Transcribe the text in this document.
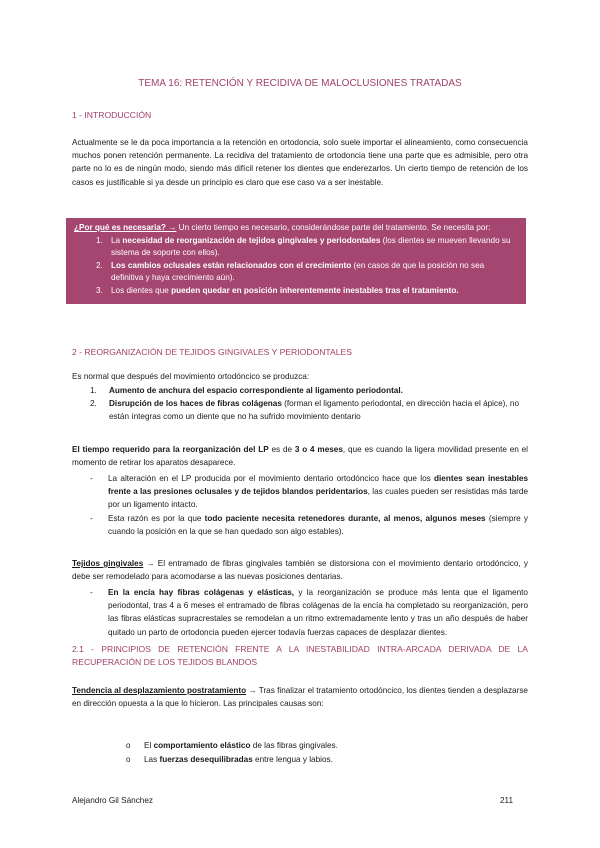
TEMA 16: RETENCIÓN Y RECIDIVA DE MALOCLUSIONES TRATADAS
1 - INTRODUCCIÓN

Actualmente se le da poca importancia a la retención en ortodoncia, solo suele importar el alineamiento, como consecuencia muchos ponen retención permanente. La recidiva del tratamiento de ortodoncia tiene una parte que es admisible, pero otra parte no lo es de ningún modo, siendo más difícil retener los dientes que enderezarlos. Un cierto tiempo de retención de los casos es justificable si ya desde un principio es claro que ese caso va a ser inestable.

¿Por qué es necesaria? → Un cierto tiempo es necesario, considerándose parte del tratamiento. Se necesita por:
1. La necesidad de reorganización de tejidos gingivales y periodontales (los dientes se mueven llevando su sistema de soporte con ellos).
2. Los cambios oclusales están relacionados con el crecimiento (en casos de que la posición no sea definitiva y haya crecimiento aún).
3. Los dientes que pueden quedar en posición inherentemente inestables tras el tratamiento.
2 - REORGANIZACIÓN DE TEJIDOS GINGIVALES Y PERIODONTALES

Es normal que después del movimiento ortodóncico se produzca:

1. Aumento de anchura del espacio correspondiente al ligamento periodontal.
2. Disrupción de los haces de fibras colágenas (forman el ligamento periodontal, en dirección hacia el ápice), no están íntegras como un diente que no ha sufrido movimiento dentario

El tiempo requerido para la reorganización del LP es de 3 o 4 meses, que es cuando la ligera movilidad presente en el momento de retirar los aparatos desaparece.

- La alteración en el LP producida por el movimiento dentario ortodóncico hace que los dientes sean inestables frente a las presiones oclusales y de tejidos blandos peridentarios, las cuales pueden ser resistidas más tarde por un ligamento intacto.
- Esta razón es por la que todo paciente necesita retenedores durante, al menos, algunos meses (siempre y cuando la posición en la que se han quedado son algo estables).

Tejidos gingivales → El entramado de fibras gingivales también se distorsiona con el movimiento dentario ortodóncico, y debe ser remodelado para acomodarse a las nuevas posiciones dentarias.

- En la encía hay fibras colágenas y elásticas, y la reorganización se produce más lenta que el ligamento periodontal, tras 4 a 6 meses el entramado de fibras colágenas de la encía ha completado su reorganización, pero las fibras elásticas supracrestales se remodelan a un ritmo extremadamente lento y tras un año después de haber quitado un parto de ortodoncia pueden ejercer todavía fuerzas capaces de desplazar dientes.
2.1 - PRINCIPIOS DE RETENCIÓN FRENTE A LA INESTABILIDAD INTRA-ARCADA DERIVADA DE LA RECUPERACIÓN DE LOS TEJIDOS BLANDOS

Tendencia al desplazamiento postratamiento → Tras finalizar el tratamiento ortodóncico, los dientes tienden a desplazarse en dirección opuesta a la que lo hicieron. Las principales causas son:

o El comportamiento elástico de las fibras gingivales.
o Las fuerzas desequilibradas entre lengua y labios.
Alejandro Gil Sánchez	211
